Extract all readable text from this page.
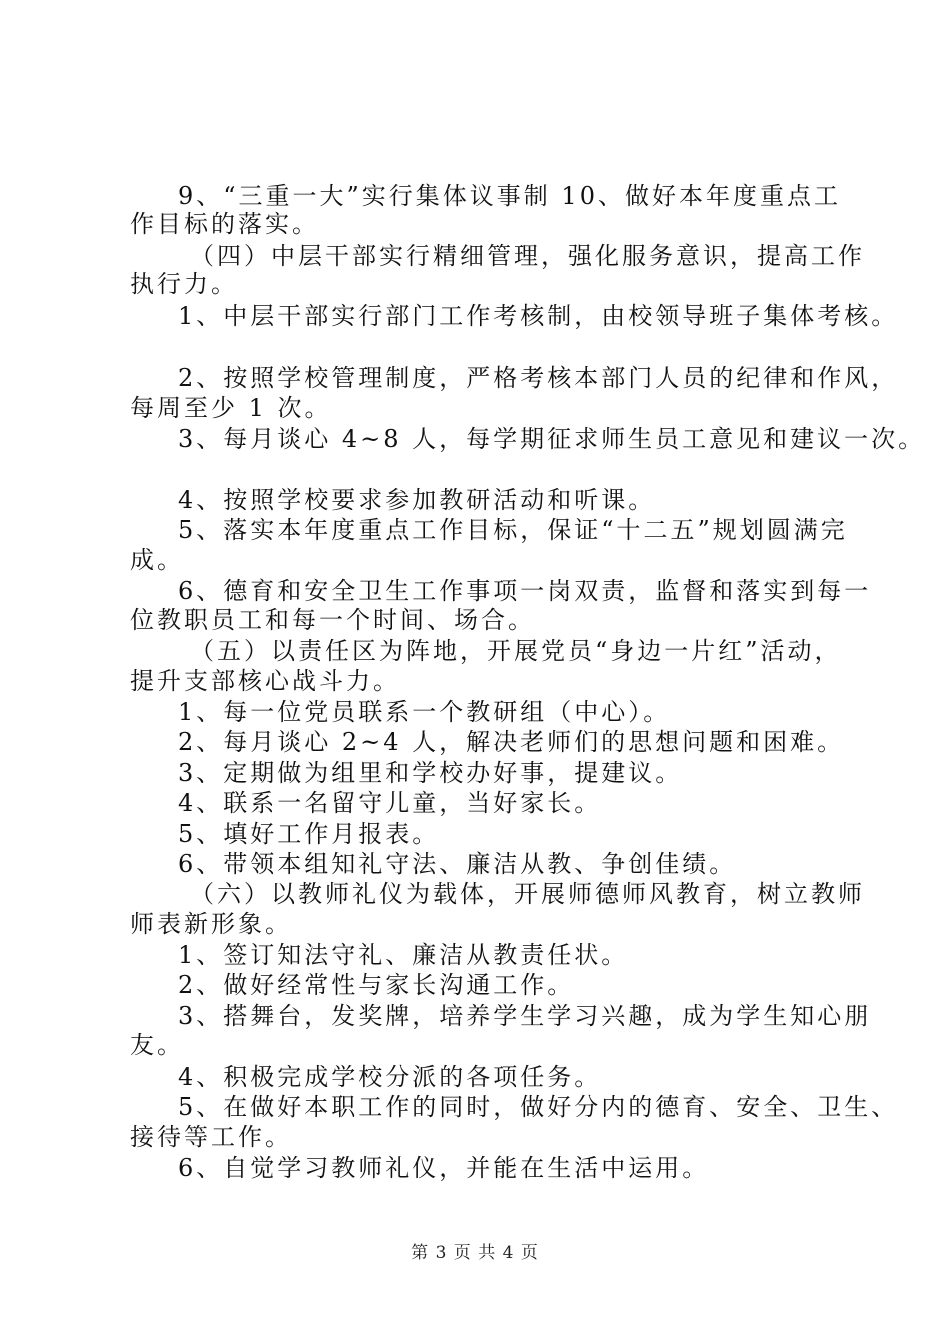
9、“三重一大”实行集体议事制 10、做好本年度重点工
作目标的落实。
（四）中层干部实行精细管理，强化服务意识，提高工作
执行力。
1、中层干部实行部门工作考核制，由校领导班子集体考核。
2、按照学校管理制度，严格考核本部门人员的纪律和作风，
每周至少 1 次。
3、每月谈心 4~8 人，每学期征求师生员工意见和建议一次。
4、按照学校要求参加教研活动和听课。
5、落实本年度重点工作目标，保证“十二五”规划圆满完
成。
6、德育和安全卫生工作事项一岗双责，监督和落实到每一
位教职员工和每一个时间、场合。
（五）以责任区为阵地，开展党员“身边一片红”活动，
提升支部核心战斗力。
1、每一位党员联系一个教研组（中心）。
2、每月谈心 2~4 人，解决老师们的思想问题和困难。
3、定期做为组里和学校办好事，提建议。
4、联系一名留守儿童，当好家长。
5、填好工作月报表。
6、带领本组知礼守法、廉洁从教、争创佳绩。
（六）以教师礼仪为载体，开展师德师风教育，树立教师
师表新形象。
1、签订知法守礼、廉洁从教责任状。
2、做好经常性与家长沟通工作。
3、搭舞台，发奖牌，培养学生学习兴趣，成为学生知心朋
友。
4、积极完成学校分派的各项任务。
5、在做好本职工作的同时，做好分内的德育、安全、卫生、
接待等工作。
6、自觉学习教师礼仪，并能在生活中运用。
第 3 页 共 4 页
